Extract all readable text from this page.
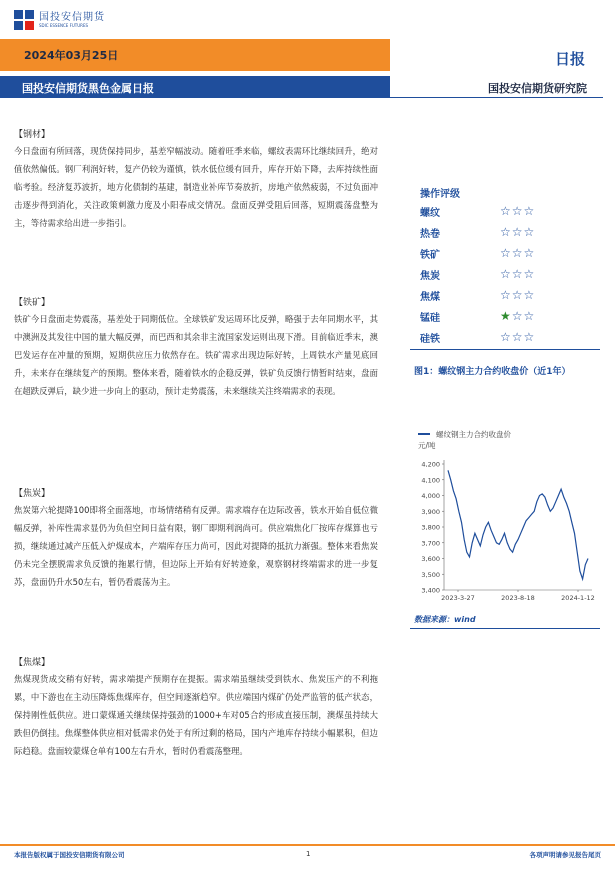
国投安信期货
SDIC ESSENCE FUTURES
2024年03月25日	日报
国投安信期货黑色金属日报	国投安信期货研究院
【钢材】

今日盘面有所回落，现货保持同步，基差窄幅波动。随着旺季来临，螺纹表需环比继续回升，绝对值依然偏低。钢厂利润好转，复产仍较为谨慎，铁水低位缓有回升，库存开始下降，去库持续性面临考验。经济复苏波折，地方化债制约基建，制造业补库节奏放折，房地产依然疲弱，不过负面冲击逐步得到消化，关注政策刺激力度及小阳春成交情况。盘面反弹受阻后回落，短期震荡盘整为主，等待需求给出进一步指引。

【铁矿】

铁矿今日盘面走势震荡，基差处于同期低位。全球铁矿发运周环比反弹，略强于去年同期水平，其中澳洲及其发往中国的量大幅反弹，而巴西和其余非主流国家发运则出现下滑。目前临近季末，澳巴发运存在冲量的预期，短期供应压力依然存在。铁矿需求出现边际好转，上周铁水产量见底回升，未来存在继续复产的预期。整体来看，随着铁水的企稳反弹，铁矿负反馈行情暂时结束，盘面在超跌反弹后，缺少进一步向上的驱动，预计走势震荡，未来继续关注终端需求的表现。

【焦炭】

焦炭第六轮提降100即将全面落地，市场情绪稍有反弹。需求端存在边际改善，铁水开始自低位微幅反弹，补库性需求显仍为负但空间日益有限，钢厂即期利润尚可。供应端焦化厂按库存煤算也亏损，继续通过减产压低入炉煤成本，产端库存压力尚可，因此对提降的抵抗力渐强。整体来看焦炭仍未完全摆脱需求负反馈的拖累行情，但边际上开始有好转迹象，观察钢材终端需求的进一步复苏，盘面仍升水50左右，暂仍看震荡为主。

【焦煤】

焦煤现货成交稍有好转，需求端提产预期存在提振。需求端虽继续受到铁水、焦炭压产的不利拖累，中下游也在主动压降炼焦煤库存，但空间逐渐趋窄。供应端国内煤矿仍处严监管的低产状态，保持刚性低供应。进口蒙煤通关继续保持强劲的1000+车对05合约形成直接压制，澳煤虽持续大跌但仍倒挂。焦煤整体供应相对低需求仍处于有所过剩的格局，国内产地库存持续小幅累积，但边际趋稳。盘面较蒙煤仓单有100左右升水，暂时仍看震荡整理。

操作评级
螺纹	☆ ☆ ☆
热卷	☆ ☆ ☆
铁矿	☆ ☆ ☆
焦炭	☆ ☆ ☆
焦煤	☆ ☆ ☆
锰硅	★ ☆ ☆
硅铁	☆ ☆ ☆
图1：螺纹钢主力合约收盘价（近1年）
螺纹钢主力合约收盘价
元/吨
4,200
4,100
4,000
3,900
3,800
3,700
3,600
3,500
3,400
2023-3-27	2023-8-18	2024-1-12
数据来源：wind
本报告版权属于国投安信期货有限公司	1	各项声明请参见报告尾页
